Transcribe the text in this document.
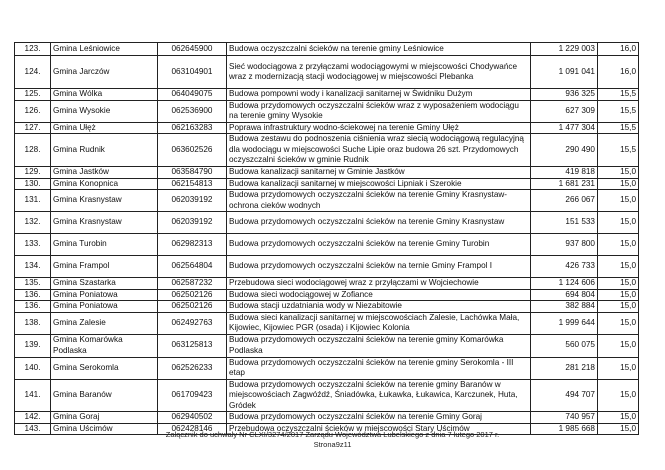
123.	Gmina Leśniowice	062645900	Budowa oczyszczalni ścieków na terenie gminy Leśniowice	1 229 003	16,0
124.	Gmina Jarczów	063104901	Sieć wodociągowa z przyłączami wodociągowymi w miejscowości Chodywańce wraz z modernizacją stacji wodociągowej w miejscowości Plebanka	1 091 041	16,0
125.	Gmina Wólka	064049075	Budowa pompowni wody i kanalizacji sanitarnej w Świdniku Dużym	936 325	15,5
126.	Gmina Wysokie	062536900	Budowa przydomowych oczyszczalni ścieków wraz z wyposażeniem wodociągu na terenie gminy Wysokie	627 309	15,5
127.	Gmina Ułęż	062163283	Poprawa infrastruktury wodno-ściekowej na terenie Gminy Ułęż	1 477 304	15,5
128.	Gmina Rudnik	063602526	Budowa zestawu do podnoszenia ciśnienia wraz siecią wodociągową regulacyjną dla wodociągu w miejscowości Suche Lipie oraz budowa 26 szt. Przydomowych oczyszczalni ścieków w gminie Rudnik	290 490	15,5
129.	Gmina Jastków	063584790	Budowa kanalizacji sanitarnej w Gminie Jastków	419 818	15,0
130.	Gmina Konopnica	062154813	Budowa kanalizacji sanitarnej w miejscowości Lipniak i Szerokie	1 681 231	15,0
131.	Gmina Krasnystaw	062039192	Budowa przydomowych oczyszczalni ścieków na terenie Gminy Krasnystaw-ochrona cieków wodnych	266 067	15,0
132.	Gmina Krasnystaw	062039192	Budowa przydomowych oczyszczalni ścieków na terenie Gminy Krasnystaw	151 533	15,0
133.	Gmina Turobin	062982313	Budowa przydomowych oczyszczalni ścieków na terenie Gminy Turobin	937 800	15,0
134.	Gmina Frampol	062564804	Budowa przydomowych oczyszczalni ścieków na ternie Gminy Frampol I	426 733	15,0
135.	Gmina Szastarka	062587232	Przebudowa sieci wodociągowej wraz z przyłączami w Wojciechowie	1 124 606	15,0
136.	Gmina Poniatowa	062502126	Budowa sieci wodociągowej w Zofiance	694 804	15,0
136.	Gmina Poniatowa	062502126	Budowa stacji uzdatniania wody w Niezabitowie	382 884	15,0
138.	Gmina Zalesie	062492763	Budowa sieci kanalizacji sanitarnej w miejscowościach Zalesie, Lachówka Mała, Kijowiec, Kijowiec PGR (osada) i Kijowiec Kolonia	1 999 644	15,0
139.	Gmina Komarówka Podlaska	063125813	Budowa przydomowych oczyszczalni ścieków na terenie gminy Komarówka Podlaska	560 075	15,0
140.	Gmina Serokomla	062526233	Budowa przydomowych oczyszczalni ścieków na terenie gminy Serokomla - III etap	281 218	15,0
141.	Gmina Baranów	061709423	Budowa przydomowych oczyszczalni ścieków na terenie gminy Baranów w miejscowościach Zagwóźdź, Śniadówka, Łukawka, Łukawica, Karczunek, Huta, Gródek	494 707	15,0
142.	Gmina Goraj	062940502	Budowa przydomowych oczyszczalni ścieków na terenie Gminy Goraj	740 957	15,0
143.	Gmina Uścimów	062428146	Przebudowa oczyszczalni ścieków w miejscowości Stary Uścimów	1 985 668	15,0
Załącznik do uchwały Nr CLXI/3274/2017 Zarządu Województwa Lubelskiego z dnia 7 lutego 2017 r.
Strona9z11
